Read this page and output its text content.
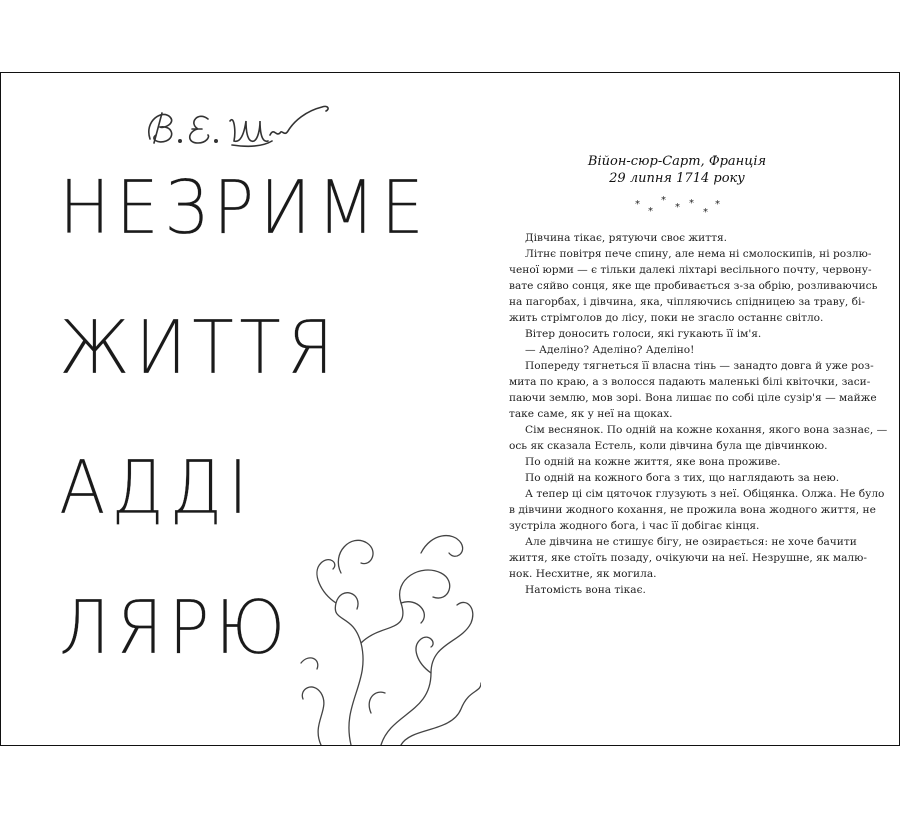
НЕЗРИМЕ
ЖИТТЯ
АДДІ
ЛЯРЮ
Війон-сюр-Сарт, Франція
29 липня 1714 року
*
*
*
* *
*
*
Дівчина тікає, рятуючи своє життя.
Літнє повітря пече спину, але нема ні смолоскипів, ні розлю-
ченої юрми — є тільки далекі ліхтарі весільного почту, червону-
вате сяйво сонця, яке ще пробивається з-за обрію, розливаючись
на пагорбах, і дівчина, яка, чіпляючись спідницею за траву, бі-
жить стрімголов до лісу, поки не згасло останнє світло.
Вітер доносить голоси, які гукають її ім'я.
— Аделіно? Аделіно? Аделіно!
Попереду тягнеться її власна тінь — занадто довга й уже роз-
мита по краю, а з волосся падають маленькі білі квіточки, заси-
паючи землю, мов зорі. Вона лишає по собі ціле сузір'я — майже
таке саме, як у неї на щоках.
Сім веснянок. По одній на кожне кохання, якого вона зазнає, —
ось як сказала Естель, коли дівчина була ще дівчинкою.
По одній на кожне життя, яке вона проживе.
По одній на кожного бога з тих, що наглядають за нею.
А тепер ці сім цяточок глузують з неї. Обіцянка. Олжа. Не було
в дівчини жодного кохання, не прожила вона жодного життя, не
зустріла жодного бога, і час її добігає кінця.
Але дівчина не стишує бігу, не озирається: не хоче бачити
життя, яке стоїть позаду, очікуючи на неї. Незрушне, як малю-
нок. Несхитне, як могила.
Натомість вона тікає.
